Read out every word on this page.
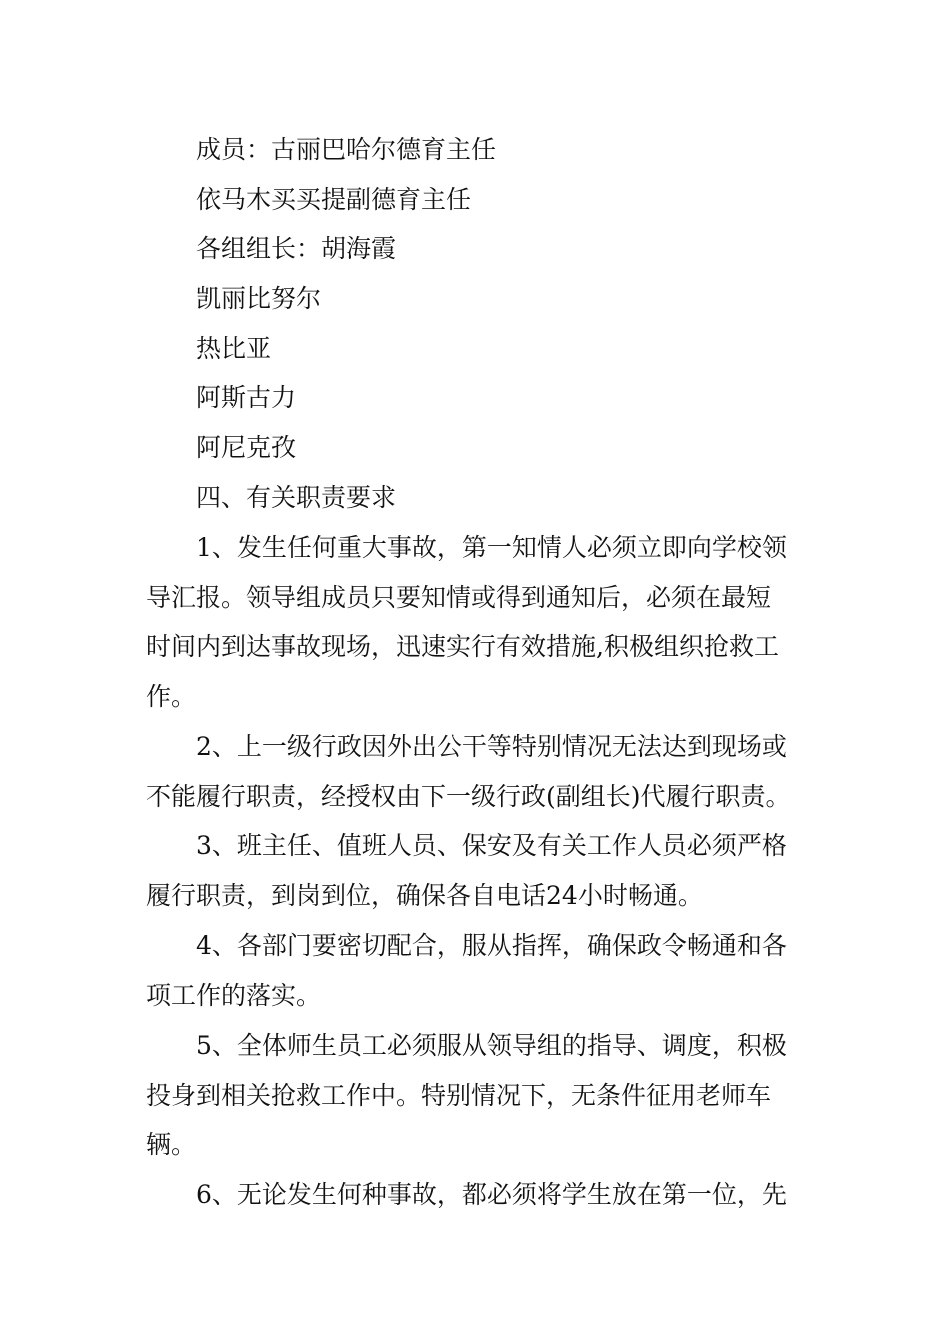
成员：古丽巴哈尔德育主任
依马木买买提副德育主任
各组组长：胡海霞
凯丽比努尔
热比亚
阿斯古力
阿尼克孜
四、有关职责要求
1、发生任何重大事故，第一知情人必须立即向学校领
导汇报。领导组成员只要知情或得到通知后，必须在最短
时间内到达事故现场，迅速实行有效措施,积极组织抢救工
作。
2、上一级行政因外出公干等特别情况无法达到现场或
不能履行职责，经授权由下一级行政(副组长)代履行职责。
3、班主任、值班人员、保安及有关工作人员必须严格
履行职责，到岗到位，确保各自电话24小时畅通。
4、各部门要密切配合，服从指挥，确保政令畅通和各
项工作的落实。
5、全体师生员工必须服从领导组的指导、调度，积极
投身到相关抢救工作中。特别情况下，无条件征用老师车
辆。
6、无论发生何种事故，都必须将学生放在第一位，先
